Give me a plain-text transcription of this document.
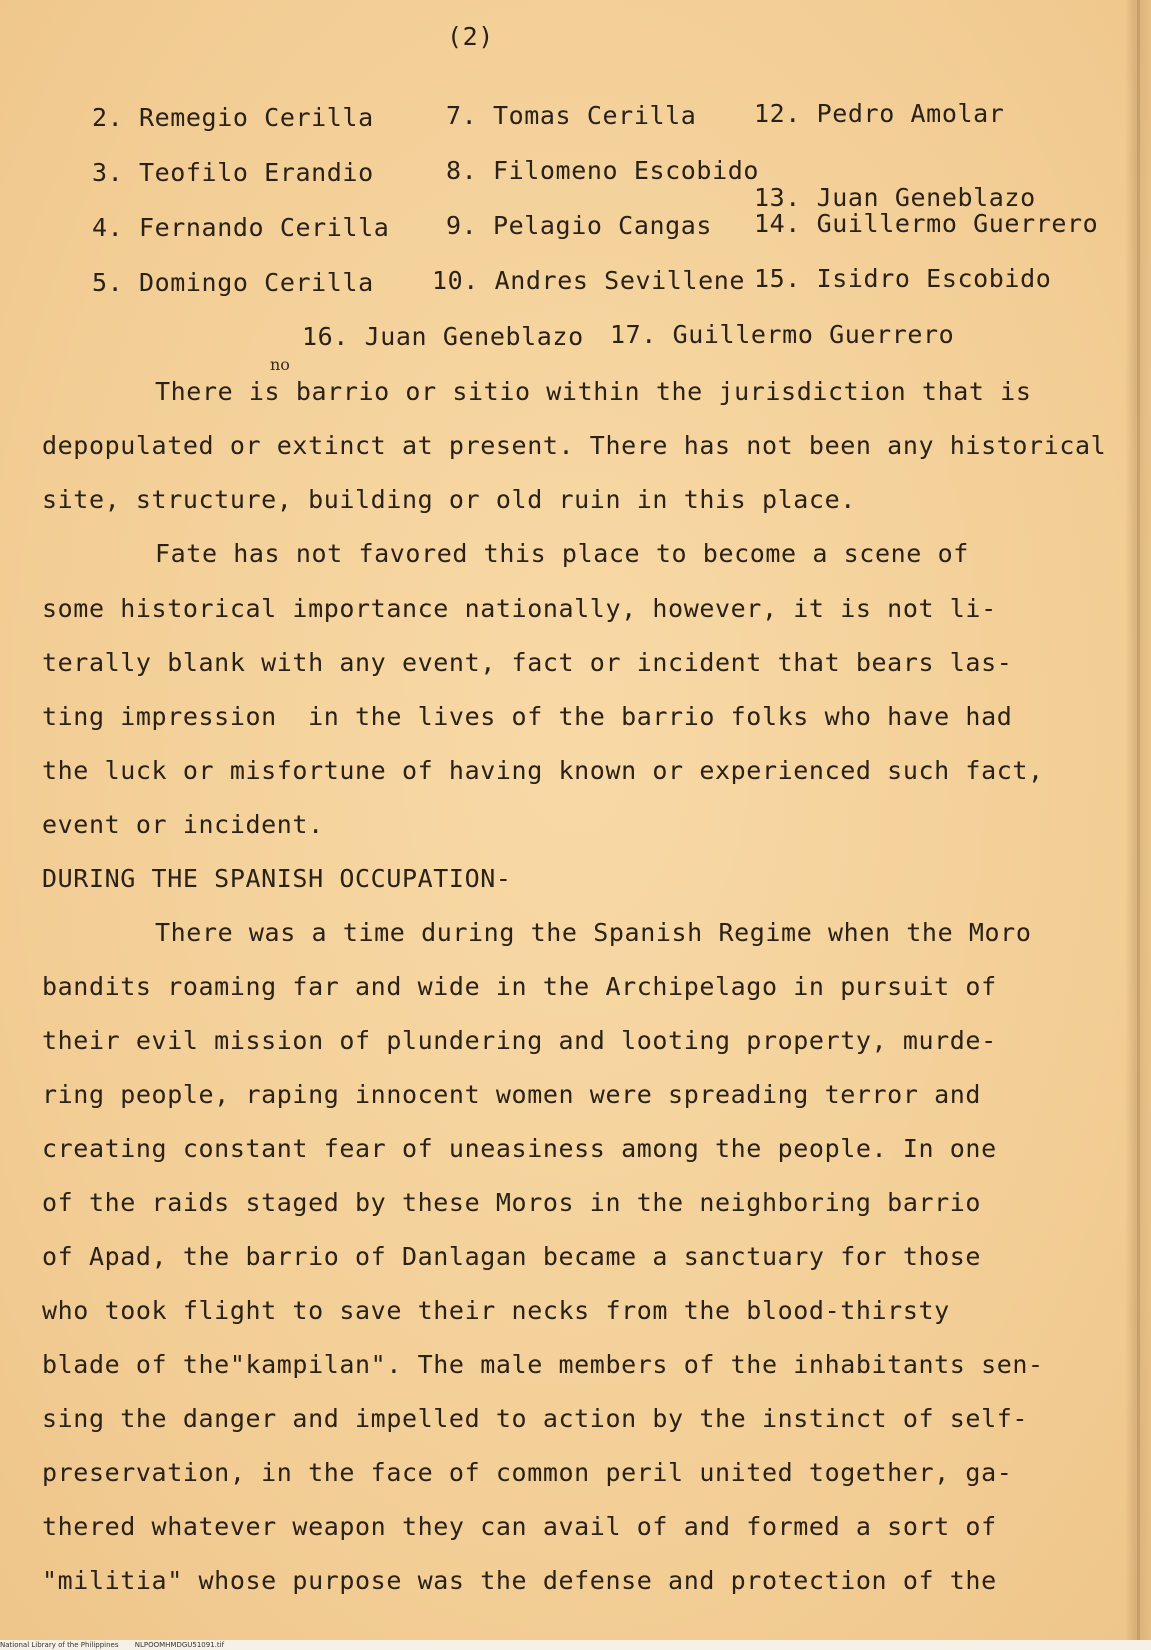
(2)
2. Remegio Cerilla	7. Tomas Cerilla 12. Pedro Amolar
3. Teofilo Erandio	8. Filomeno Escobido
13. Juan Geneblazo
4. Fernando Cerilla 9. Pelagio Cangas 14. Guillermo Guerrero
5. Domingo Cerilla 10. Andres Sevillene 15. Isidro Escobido
16. Juan Geneblazo 17. Guillermo Guerrero
no
There is barrio or sitio within the jurisdiction that is
depopulated or extinct at present. There has not been any historical
site, structure, building or old ruin in this place.
Fate has not favored this place to become a scene of
some historical importance nationally, however, it is not li-
terally blank with any event, fact or incident that bears las-
ting impression  in the lives of the barrio folks who have had
the luck or misfortune of having known or experienced such fact,
event or incident.
DURING THE SPANISH OCCUPATION-
There was a time during the Spanish Regime when the Moro
bandits roaming far and wide in the Archipelago in pursuit of
their evil mission of plundering and looting property, murde-
ring people, raping innocent women were spreading terror and
creating constant fear of uneasiness among the people. In one
of the raids staged by these Moros in the neighboring barrio
of Apad, the barrio of Danlagan became a sanctuary for those
who took flight to save their necks from the blood-thirsty
blade of the"kampilan". The male members of the inhabitants sen-
sing the danger and impelled to action by the instinct of self-
preservation, in the face of common peril united together, ga-
thered whatever weapon they can avail of and formed a sort of
"militia" whose purpose was the defense and protection of the
National Library of the Philippines NLPOOMHMDGU51091.tif
